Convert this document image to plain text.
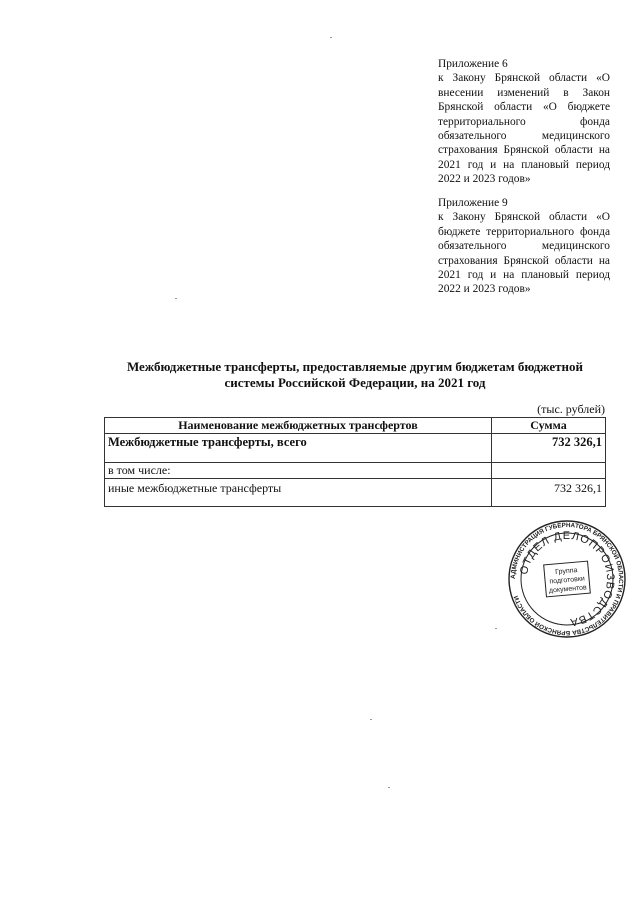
Приложение 6
к Закону Брянской области «О внесении изменений в Закон Брянской области «О бюджете территориального фонда обязательного медицинского страхования Брянской области на 2021 год и на плановый период 2022 и 2023 годов»
Приложение 9
к Закону Брянской области «О бюджете территориального фонда обязательного медицинского страхования Брянской области на 2021 год и на плановый период 2022 и 2023 годов»
Межбюджетные трансферты, предоставляемые другим бюджетам бюджетной системы Российской Федерации, на 2021 год
(тыс. рублей)
Наименование межбюджетных трансфертов	Сумма
Межбюджетные трансферты, всего	732 326,1
в том числе:	
иные межбюджетные трансферты	732 326,1
АДМИНИСТРАЦИЯ ГУБЕРНАТОРА БРЯНСКОЙ ОБЛАСТИ И ПРАВИТЕЛЬСТВА БРЯНСКОЙ ОБЛАСТИ
ОТДЕЛ ДЕЛОПРОИЗВОДСТВА
Группа
подготовки
документов
